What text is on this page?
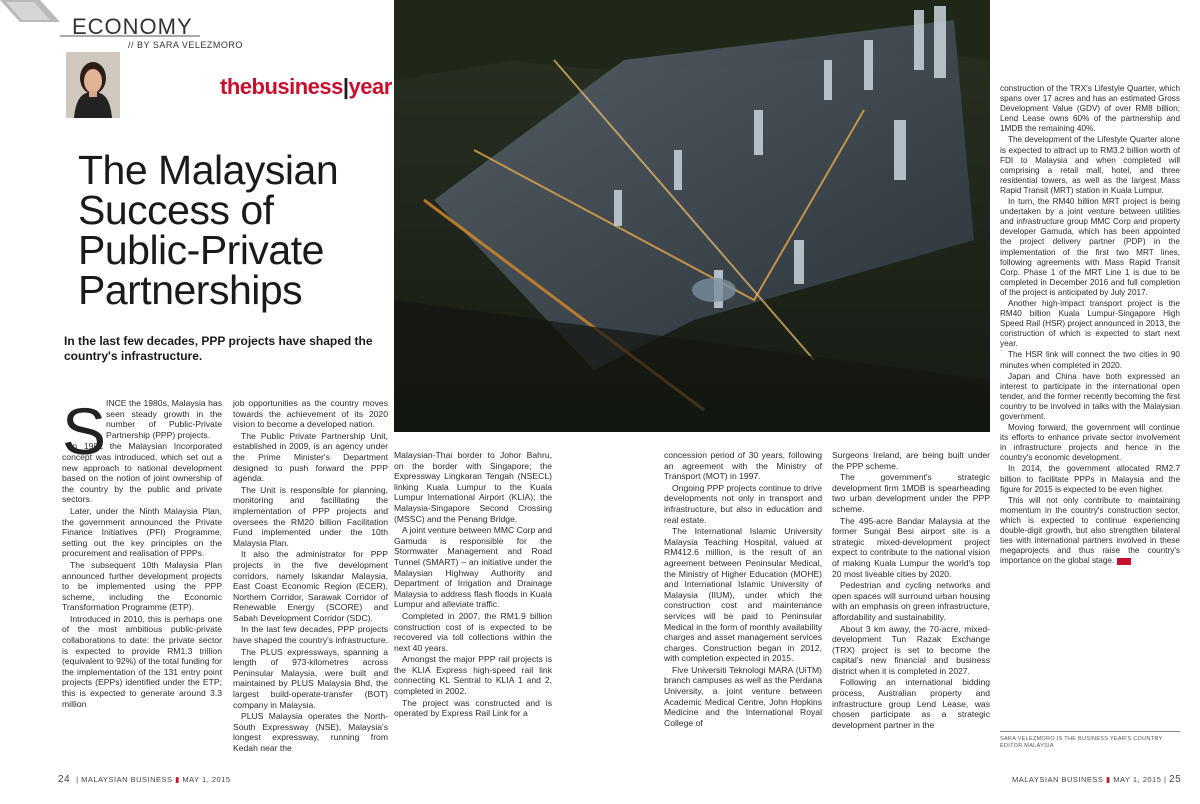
ECONOMY
// BY SARA VELEZMORO
thebusiness|year
The Malaysian
Success of
Public-Private
Partnerships
In the last few decades, PPP projects have shaped the country's infrastructure.
S INCE the 1980s, Malaysia has seen steady growth in the number of Public-Private Partnership (PPP) projects.

In 1981 the Malaysian Incorporated concept was introduced, which set out a new approach to national development based on the notion of joint ownership of the country by the public and private sectors.

Later, under the Ninth Malaysia Plan, the government announced the Private Finance Initiatives (PFI) Programme, setting out the key principles on the procurement and realisation of PPPs.

The subsequent 10th Malaysia Plan announced further development projects to be implemented using the PPP scheme, including the Economic Transformation Programme (ETP).

Introduced in 2010, this is perhaps one of the most ambitious public-private collaborations to date: the private sector is expected to provide RM1.3 trillion (equivalent to 92%) of the total funding for the implementation of the 131 entry point projects (EPPs) identified under the ETP; this is expected to generate around 3.3 million

job opportunities as the country moves towards the achievement of its 2020 vision to become a developed nation.

The Public Private Partnership Unit, established in 2009, is an agency under the Prime Minister's Department designed to push forward the PPP agenda.

The Unit is responsible for planning, monitoring and facilitating the implementation of PPP projects and oversees the RM20 billion Facilitation Fund implemented under the 10th Malaysia Plan.

It also the administrator for PPP projects in the five development corridors, namely Iskandar Malaysia, East Coast Economic Region (ECER), Northern Corridor, Sarawak Corridor of Renewable Energy (SCORE) and Sabah Development Corridor (SDC).

In the last few decades, PPP projects have shaped the country's infrastructure.

The PLUS expressways, spanning a length of 973-kilometres across Peninsular Malaysia, were built and maintained by PLUS Malaysia Bhd, the largest build-operate-transfer (BOT) company in Malaysia.

PLUS Malaysia operates the North-South Expressway (NSE), Malaysia's longest expressway, running from Kedah near the

Malaysian-Thai border to Johor Bahru, on the border with Singapore; the Expressway Lingkaran Tengah (NSECL) linking Kuala Lumpur to the Kuala Lumpur International Airport (KLIA); the Malaysia-Singapore Second Crossing (MSSC) and the Penang Bridge.

A joint venture between MMC Corp and Gamuda is responsible for the Stormwater Management and Road Tunnel (SMART) – an initiative under the Malaysian Highway Authority and Department of Irrigation and Drainage Malaysia to address flash floods in Kuala Lumpur and alleviate traffic.

Completed in 2007, the RM1.9 billion construction cost of is expected to be recovered via toll collections within the next 40 years.

Amongst the major PPP rail projects is the KLIA Express high-speed rail link connecting KL Sentral to KLIA 1 and 2, completed in 2002.

The project was constructed and is operated by Express Rail Link for a

concession period of 30 years, following an agreement with the Ministry of Transport (MOT) in 1997.

Ongoing PPP projects continue to drive developments not only in transport and infrastructure, but also in education and real estate.

The International Islamic University Malaysia Teaching Hospital, valued at RM412.6 million, is the result of an agreement between Peninsular Medical, the Ministry of Higher Education (MOHE) and International Islamic University of Malaysia (IIUM), under which the construction cost and maintenance services will be paid to Peninsular Medical in the form of monthly availability charges and asset management services charges. Construction began in 2012, with completion expected in 2015.

Five Universiti Teknologi MARA (UiTM) branch campuses as well as the Perdana University, a joint venture between Academic Medical Centre, John Hopkins Medicine and the International Royal College of

Surgeons Ireland, are being built under the PPP scheme.

The government's strategic development firm 1MDB is spearheading two urban development under the PPP scheme.

The 495-acre Bandar Malaysia at the former Sungai Besi airport site is a strategic mixed-development project expect to contribute to the national vision of making Kuala Lumpur the world's top 20 most liveable cities by 2020.

Pedestrian and cycling networks and open spaces will surround urban housing with an emphasis on green infrastructure, affordability and sustainability.

About 3 km away, the 70-acre, mixed-development Tun Razak Exchange (TRX) project is set to become the capital's new financial and business district when it is completed in 2027.

Following an international bidding process, Australian property and infrastructure group Lend Lease, was chosen participate as a strategic development partner in the

construction of the TRX's Lifestyle Quarter, which spans over 17 acres and has an estimated Gross Development Value (GDV) of over RM8 billion; Lend Lease owns 60% of the partnership and 1MDB the remaining 40%.

The development of the Lifestyle Quarter alone is expected to attract up to RM3.2 billion worth of FDI to Malaysia and when completed will comprising a retail mall, hotel, and three residential towers, as well as the largest Mass Rapid Transit (MRT) station in Kuala Lumpur.

In turn, the RM40 billion MRT project is being undertaken by a joint venture between utilities and infrastructure group MMC Corp and property developer Gamuda, which has been appointed the project delivery partner (PDP) in the implementation of the first two MRT lines, following agreements with Mass Rapid Transit Corp. Phase 1 of the MRT Line 1 is due to be completed in December 2016 and full completion of the project is anticipated by July 2017.

Another high-impact transport project is the RM40 billion Kuala Lumpur-Singapore High Speed Rail (HSR) project announced in 2013, the construction of which is expected to start next year.

The HSR link will connect the two cities in 90 minutes when completed in 2020.

Japan and China have both expressed an interest to participate in the international open tender, and the former recently becoming the first country to be involved in talks with the Malaysian government.

Moving forward, the government will continue its efforts to enhance private sector involvement in infrastructure projects and hence in the country's economic development.

In 2014, the government allocated RM2.7 billion to facilitate PPPs in Malaysia and the figure for 2015 is expected to be even higher.

This will not only contribute to maintaining momentum in the country's construction sector, which is expected to continue experiencing double-digit growth, but also strengthen bilateral ties with international partners involved in these megaprojects and thus raise the country's importance on the global stage.

SARA VELEZMORO IS THE BUSINESS YEAR'S COUNTRY EDITOR MALAYSIA
24 | MALAYSIAN BUSINESS ▮ MAY 1, 2015	MALAYSIAN BUSINESS ▮ MAY 1, 2015 | 25
